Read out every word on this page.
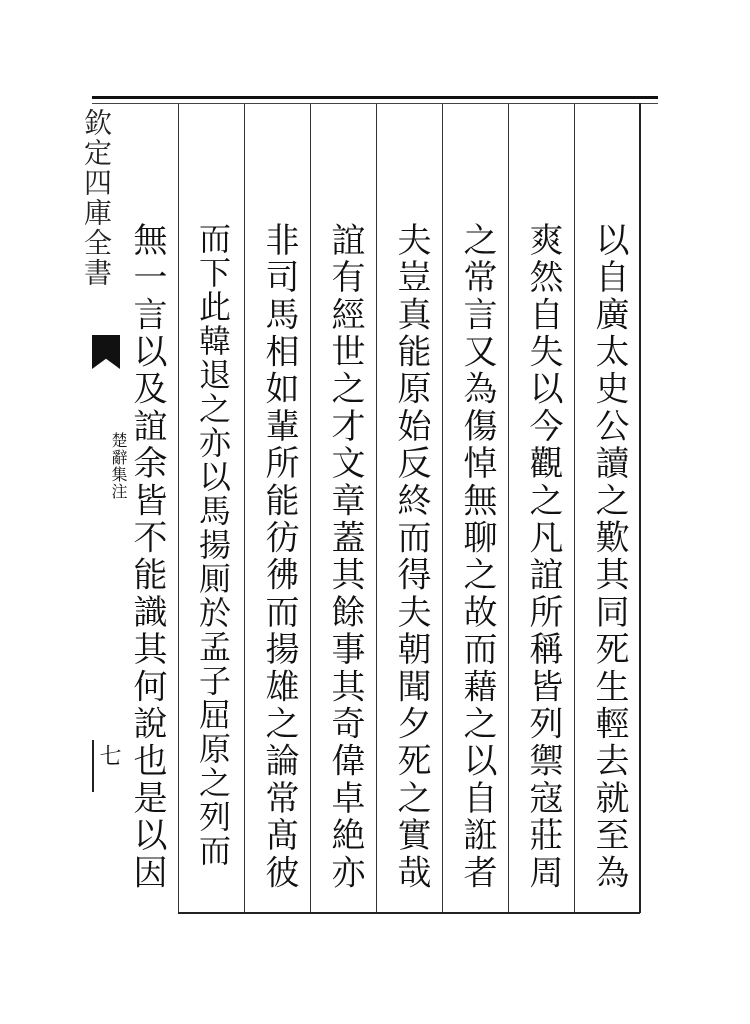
欽定四庫全書
楚辭集注
七	以自廣太史公讀之歎其同死生輕去就至為
爽然自失以今觀之凡誼所稱皆列禦寇莊周
之常言又為傷悼無聊之故而藉之以自誑者
夫豈真能原始反終而得夫朝聞夕死之實哉
誼有經世之才文章蓋其餘事其奇偉卓絶亦
非司馬相如輩所能彷彿而揚雄之論常髙彼
而下此韓退之亦以馬揚厠於孟子屈原之列而
無一言以及誼余皆不能識其何說也是以因
